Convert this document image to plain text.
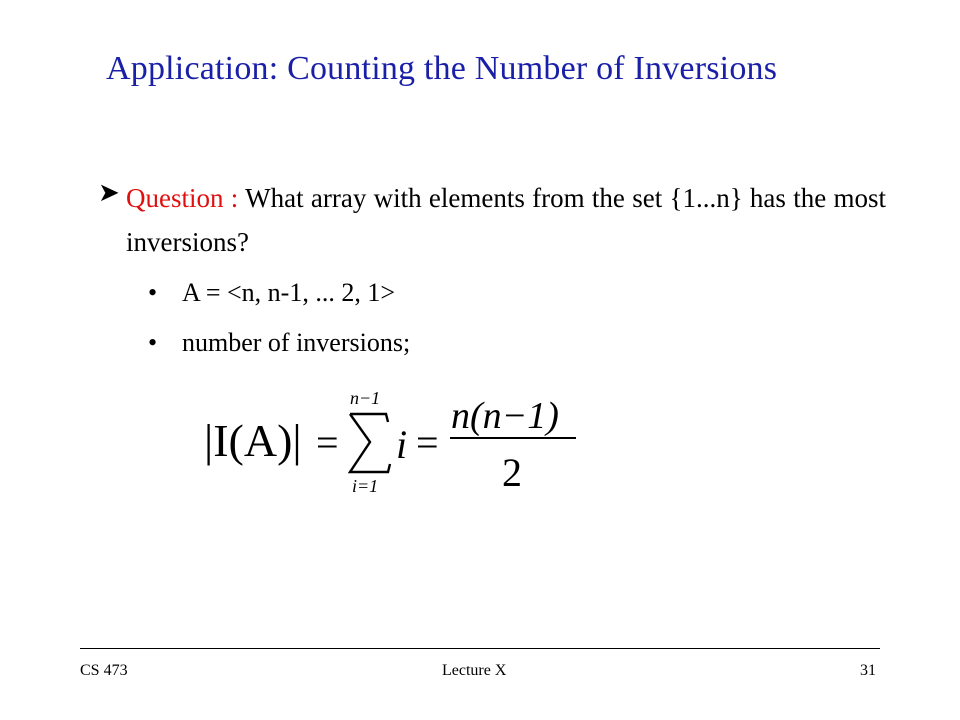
Application: Counting the Number of Inversions
➤ Question : What array with elements from the set {1...n} has the most inversions?
• A = <n, n-1, ... 2, 1>
• number of inversions;
|I(A)| =
n−1
i=1
i =
n(n−1)
2
CS 473	Lecture X	31
